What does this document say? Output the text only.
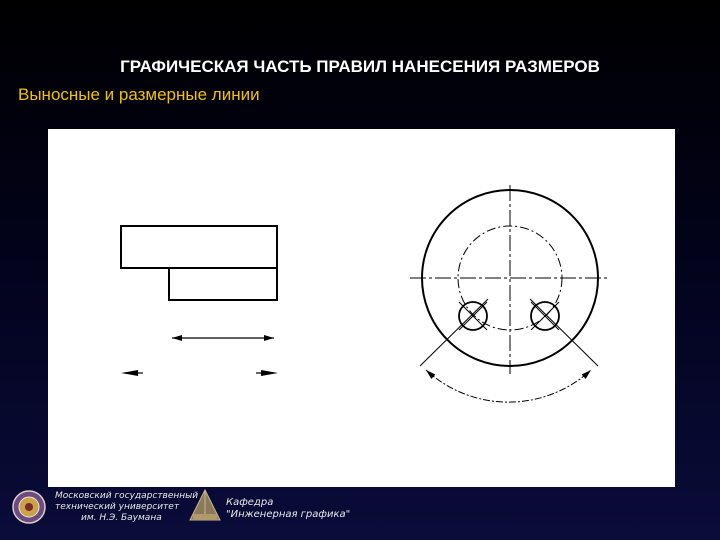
ГРАФИЧЕСКАЯ ЧАСТЬ ПРАВИЛ НАНЕСЕНИЯ РАЗМЕРОВ
Выносные и размерные линии
Московский государственный
технический университет
им. Н.Э. Баумана
Кафедра
"Инженерная графика"
